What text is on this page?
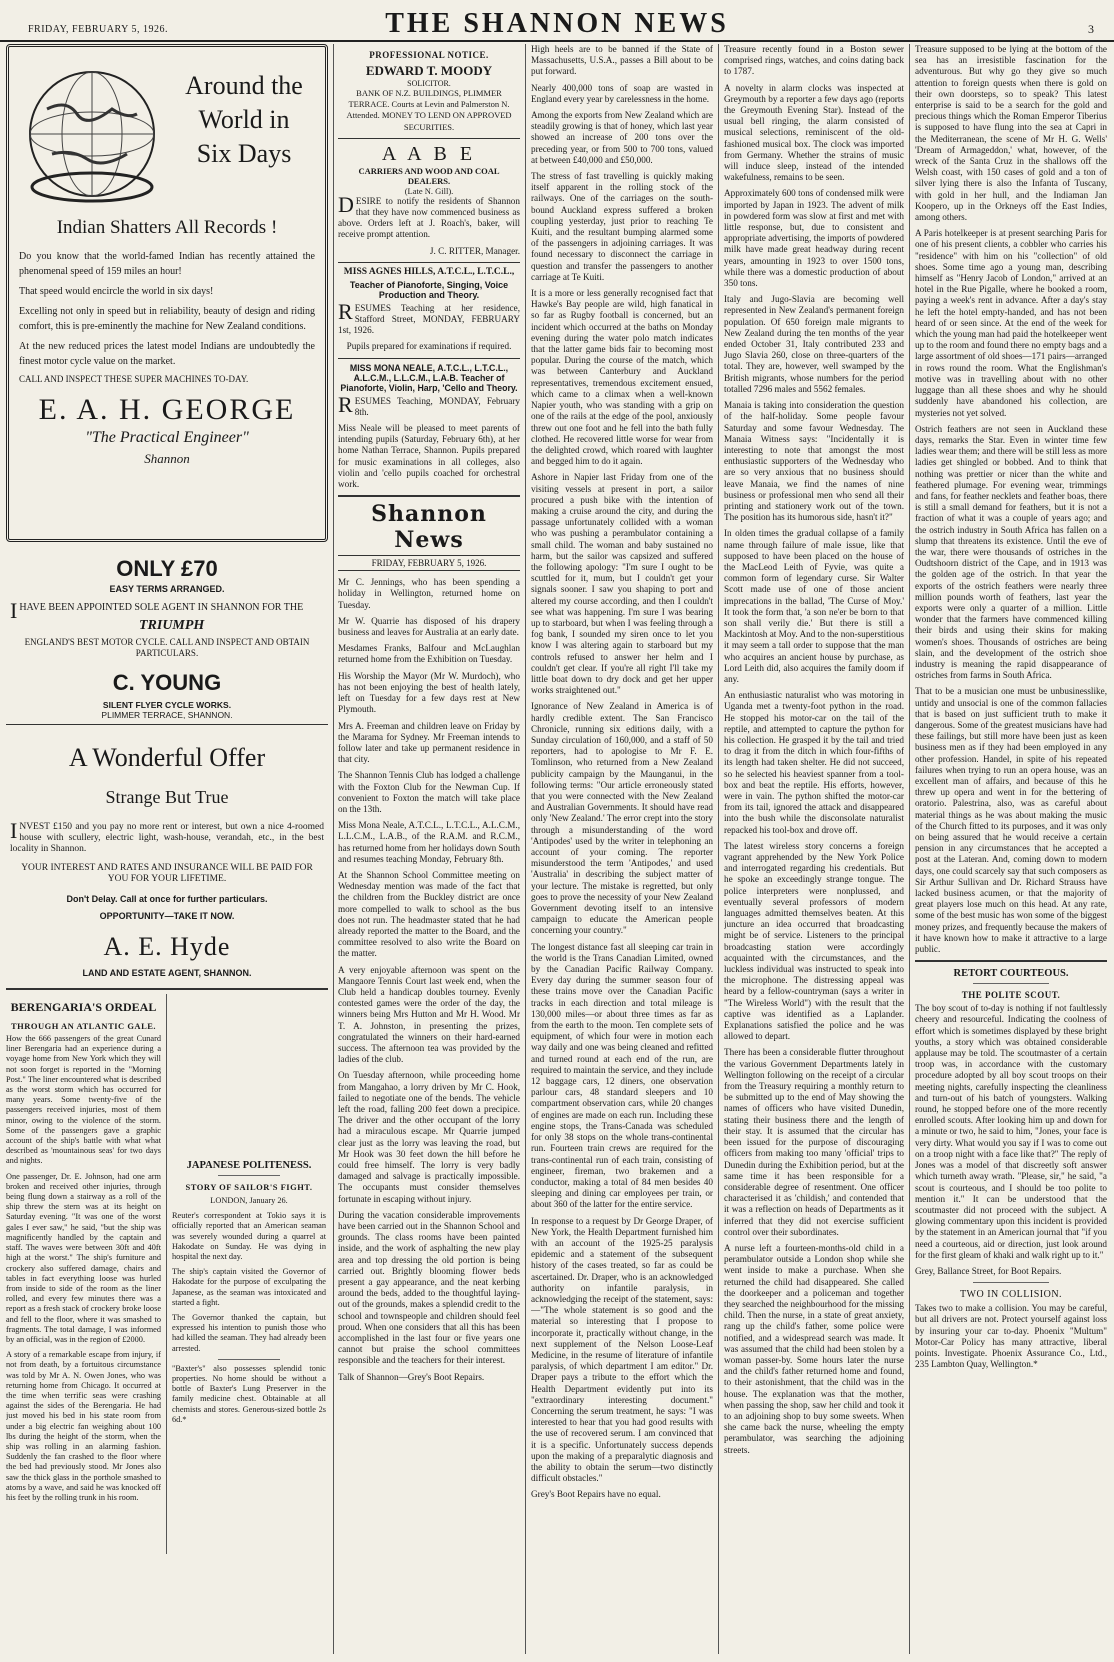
FRIDAY, FEBRUARY 5, 1926.	THE SHANNON NEWS	3
Around the
World in
Six Days
Indian Shatters All Records !

Do you know that the world-famed Indian has recently attained the phenomenal speed of 159 miles an hour!

That speed would encircle the world in six days!

Excelling not only in speed but in reliability, beauty of design and riding comfort, this is pre-eminently the machine for New Zealand conditions.

At the new reduced prices the latest model Indians are undoubtedly the finest motor cycle value on the market.

CALL AND INSPECT THESE SUPER MACHINES TO-DAY.

E. A. H. GEORGE
"The Practical Engineer"
Shannon
ONLY £70
EASY TERMS ARRANGED.

IHAVE BEEN APPOINTED SOLE AGENT IN SHANNON FOR THE

TRIUMPH

ENGLAND'S BEST MOTOR CYCLE. CALL AND INSPECT AND OBTAIN PARTICULARS.

C. YOUNG
SILENT FLYER CYCLE WORKS.
PLIMMER TERRACE, SHANNON.
A Wonderful Offer
Strange But True

INVEST £150 and you pay no more rent or interest, but own a nice 4-roomed house with scullery, electric light, wash-house, verandah, etc., in the best locality in Shannon.

YOUR INTEREST AND RATES AND INSURANCE WILL BE PAID FOR YOU FOR YOUR LIFETIME.

Don't Delay. Call at once for further particulars.

OPPORTUNITY—TAKE IT NOW.

A. E. Hyde
LAND AND ESTATE AGENT, SHANNON.
BERENGARIA'S ORDEAL
THROUGH AN ATLANTIC GALE.

How the 666 passengers of the great Cunard liner Berengaria had an experience during a voyage home from New York which they will not soon forget is reported in the "Morning Post." The liner encountered what is described as the worst storm which has occurred for many years. Some twenty-five of the passengers received injuries, most of them minor, owing to the violence of the storm. Some of the passengers gave a graphic account of the ship's battle with what what described as 'mountainous seas' for two days and nights.

One passenger, Dr. E. Johnson, had one arm broken and received other injuries, through being flung down a stairway as a roll of the ship threw the stern was at its height on Saturday evening. "It was one of the worst gales I ever saw," he said, "but the ship was magnificently handled by the captain and staff. The waves were between 30ft and 40ft high at the worst." The ship's furniture and crockery also suffered damage, chairs and tables in fact everything loose was hurled from inside to side of the room as the liner rolled, and every few minutes there was a report as a fresh stack of crockery broke loose and fell to the floor, where it was smashed to fragments. The total damage, I was informed by an official, was in the region of £2000.

A story of a remarkable escape from injury, if not from death, by a fortuitous circumstance was told by Mr A. N. Owen Jones, who was returning home from Chicago. It occurred at the time when terrific seas were crashing against the sides of the Berengaria. He had just moved his bed in his state room from under a big electric fan weighing about 100 lbs during the height of the storm, when the ship was rolling in an alarming fashion. Suddenly the fan crashed to the floor where the bed had previously stood. Mr Jones also saw the thick glass in the porthole smashed to atoms by a wave, and said he was knocked off his feet by the rolling trunk in his room.

JAPANESE POLITENESS.
STORY OF SAILOR'S FIGHT.

LONDON, January 26.

Reuter's correspondent at Tokio says it is officially reported that an American seaman was severely wounded during a quarrel at Hakodate on Sunday. He was dying in hospital the next day.

The ship's captain visited the Governor of Hakodate for the purpose of exculpating the Japanese, as the seaman was intoxicated and started a fight.

The Governor thanked the captain, but expressed his intention to punish those who had killed the seaman. They had already been arrested.

"Baxter's" also possesses splendid tonic properties. No home should be without a bottle of Baxter's Lung Preserver in the family medicine chest. Obtainable at all chemists and stores. Generous-sized bottle 2s 6d.*

PROFESSIONAL NOTICE.
EDWARD T. MOODY
SOLICITOR.

BANK OF N.Z. BUILDINGS, PLIMMER TERRACE. Courts at Levin and Palmerston N. Attended. MONEY TO LEND ON APPROVED SECURITIES.

A A B E
CARRIERS AND WOOD AND COAL DEALERS.
(Late N. Gill).

DESIRE to notify the residents of Shannon that they have now commenced business as above. Orders left at J. Roach's, baker, will receive prompt attention.

J. C. RITTER, Manager.

MISS AGNES HILLS, A.T.C.L., L.T.C.L.,
Teacher of Pianoforte, Singing, Voice Production and Theory.

RESUMES Teaching at her residence, Stafford Street, MONDAY, FEBRUARY 1st, 1926.

Pupils prepared for examinations if required.

MISS MONA NEALE, A.T.C.L., L.T.C.L., A.L.C.M., L.L.C.M., L.A.B. Teacher of Pianoforte, Violin, Harp, 'Cello and Theory.

RESUMES Teaching, MONDAY, February 8th.

Miss Neale will be pleased to meet parents of intending pupils (Saturday, February 6th), at her home Nathan Terrace, Shannon. Pupils prepared for music examinations in all colleges, also violin and 'cello pupils coached for orchestral work.

Shannon News
FRIDAY, FEBRUARY 5, 1926.

Mr C. Jennings, who has been spending a holiday in Wellington, returned home on Tuesday.

Mr W. Quarrie has disposed of his drapery business and leaves for Australia at an early date.

Mesdames Franks, Balfour and McLaughlan returned home from the Exhibition on Tuesday.

His Worship the Mayor (Mr W. Murdoch), who has not been enjoying the best of health lately, left on Tuesday for a few days rest at New Plymouth.

Mrs A. Freeman and children leave on Friday by the Marama for Sydney. Mr Freeman intends to follow later and take up permanent residence in that city.

The Shannon Tennis Club has lodged a challenge with the Foxton Club for the Newman Cup. If convenient to Foxton the match will take place on the 13th.

Miss Mona Neale, A.T.C.L., L.T.C.L., A.L.C.M., L.L.C.M., L.A.B., of the R.A.M. and R.C.M., has returned home from her holidays down South and resumes teaching Monday, February 8th.

At the Shannon School Committee meeting on Wednesday mention was made of the fact that the children from the Buckley district are once more compelled to walk to school as the bus does not run. The headmaster stated that he had already reported the matter to the Board, and the committee resolved to also write the Board on the matter.

A very enjoyable afternoon was spent on the Mangaore Tennis Court last week end, when the Club held a handicap doubles tourney. Evenly contested games were the order of the day, the winners being Mrs Hutton and Mr H. Wood. Mr T. A. Johnston, in presenting the prizes, congratulated the winners on their hard-earned success. The afternoon tea was provided by the ladies of the club.

On Tuesday afternoon, while proceeding home from Mangahao, a lorry driven by Mr C. Hook, failed to negotiate one of the bends. The vehicle left the road, falling 200 feet down a precipice. The driver and the other occupant of the lorry had a miraculous escape. Mr Quarrie jumped clear just as the lorry was leaving the road, but Mr Hook was 30 feet down the hill before he could free himself. The lorry is very badly damaged and salvage is practically impossible. The occupants must consider themselves fortunate in escaping without injury.

During the vacation considerable improvements have been carried out in the Shannon School and grounds. The class rooms have been painted inside, and the work of asphalting the new play area and top dressing the old portion is being carried out. Brightly blooming flower beds present a gay appearance, and the neat kerbing around the beds, added to the thoughtful laying-out of the grounds, makes a splendid credit to the school and townspeople and children should feel proud. When one considers that all this has been accomplished in the last four or five years one cannot but praise the school committees responsible and the teachers for their interest.

Talk of Shannon—Grey's Boot Repairs.

High heels are to be banned if the State of Massachusetts, U.S.A., passes a Bill about to be put forward.

Nearly 400,000 tons of soap are wasted in England every year by carelessness in the home.

Among the exports from New Zealand which are steadily growing is that of honey, which last year showed an increase of 200 tons over the preceding year, or from 500 to 700 tons, valued at between £40,000 and £50,000.

The stress of fast travelling is quickly making itself apparent in the rolling stock of the railways. One of the carriages on the south-bound Auckland express suffered a broken coupling yesterday, just prior to reaching Te Kuiti, and the resultant bumping alarmed some of the passengers in adjoining carriages. It was found necessary to disconnect the carriage in question and transfer the passengers to another carriage at Te Kuiti.

It is a more or less generally recognised fact that Hawke's Bay people are wild, high fanatical in so far as Rugby football is concerned, but an incident which occurred at the baths on Monday evening during the water polo match indicates that the latter game bids fair to becoming most popular. During the course of the match, which was between Canterbury and Auckland representatives, tremendous excitement ensued, which came to a climax when a well-known Napier youth, who was standing with a grip on one of the rails at the edge of the pool, anxiously threw out one foot and he fell into the bath fully clothed. He recovered little worse for wear from the delighted crowd, which roared with laughter and begged him to do it again.

Ashore in Napier last Friday from one of the visiting vessels at present in port, a sailor procured a push bike with the intention of making a cruise around the city, and during the passage unfortunately collided with a woman who was pushing a perambulator containing a small child. The woman and baby sustained no harm, but the sailor was capsized and suffered the following apology: "I'm sure I ought to be scuttled for it, mum, but I couldn't get your signals sooner. I saw you shaping to port and altered my course according, and then I couldn't see what was happening. I'm sure I was bearing up to starboard, but when I was feeling through a fog bank, I sounded my siren once to let you know I was altering again to starboard but my controls refused to answer her helm and I couldn't get clear. If you're all right I'll take my little boat down to dry dock and get her upper works straightened out."

Ignorance of New Zealand in America is of hardly credible extent. The San Francisco Chronicle, running six editions daily, with a Sunday circulation of 160,000, and a staff of 50 reporters, had to apologise to Mr F. E. Tomlinson, who returned from a New Zealand publicity campaign by the Maunganui, in the following terms: "Our article erroneously stated that you were connected with the New Zealand and Australian Governments. It should have read only 'New Zealand.' The error crept into the story through a misunderstanding of the word 'Antipodes' used by the writer in telephoning an account of your coming. The reporter misunderstood the term 'Antipodes,' and used 'Australia' in describing the subject matter of your lecture. The mistake is regretted, but only goes to prove the necessity of your New Zealand Government devoting itself to an intensive campaign to educate the American people concerning your country."

The longest distance fast all sleeping car train in the world is the Trans Canadian Limited, owned by the Canadian Pacific Railway Company. Every day during the summer season four of these trains move over the Canadian Pacific tracks in each direction and total mileage is 130,000 miles—or about three times as far as from the earth to the moon. Ten complete sets of equipment, of which four were in motion each way daily and one was being cleaned and refitted and turned round at each end of the run, are required to maintain the service, and they include 12 baggage cars, 12 diners, one observation parlour cars, 48 standard sleepers and 10 compartment observation cars, while 20 changes of engines are made on each run. Including these engine stops, the Trans-Canada was scheduled for only 38 stops on the whole trans-continental run. Fourteen train crews are required for the trans-continental run of each train, consisting of engineer, fireman, two brakemen and a conductor, making a total of 84 men besides 40 sleeping and dining car employees per train, or about 360 of the latter for the entire service.

In response to a request by Dr George Draper, of New York, the Health Department furnished him with an account of the 1925-25 paralysis epidemic and a statement of the subsequent history of the cases treated, so far as could be ascertained. Dr. Draper, who is an acknowledged authority on infantile paralysis, in acknowledging the receipt of the statement, says:—"The whole statement is so good and the material so interesting that I propose to incorporate it, practically without change, in the next supplement of the Nelson Loose-Leaf Medicine, in the resume of literature of infantile paralysis, of which department I am editor." Dr. Draper pays a tribute to the effort which the Health Department evidently put into its "extraordinary interesting document." Concerning the serum treatment, he says: "I was interested to hear that you had good results with the use of recovered serum. I am convinced that it is a specific. Unfortunately success depends upon the making of a preparalytic diagnosis and the ability to obtain the serum—two distinctly difficult obstacles."

Grey's Boot Repairs have no equal.

Treasure recently found in a Boston sewer comprised rings, watches, and coins dating back to 1787.

A novelty in alarm clocks was inspected at Greymouth by a reporter a few days ago (reports the Greymouth Evening Star). Instead of the usual bell ringing, the alarm consisted of musical selections, reminiscent of the old-fashioned musical box. The clock was imported from Germany. Whether the strains of music will induce sleep, instead of the intended wakefulness, remains to be seen.

Approximately 600 tons of condensed milk were imported by Japan in 1923. The advent of milk in powdered form was slow at first and met with little response, but, due to consistent and appropriate advertising, the imports of powdered milk have made great headway during recent years, amounting in 1923 to over 1500 tons, while there was a domestic production of about 350 tons.

Italy and Jugo-Slavia are becoming well represented in New Zealand's permanent foreign population. Of 650 foreign male migrants to New Zealand during the ten months of the year ended October 31, Italy contributed 233 and Jugo Slavia 260, close on three-quarters of the total. They are, however, well swamped by the British migrants, whose numbers for the period totalled 7296 males and 5562 females.

Manaia is taking into consideration the question of the half-holiday. Some people favour Saturday and some favour Wednesday. The Manaia Witness says: "Incidentally it is interesting to note that amongst the most enthusiastic supporters of the Wednesday who are so very anxious that no business should leave Manaia, we find the names of nine business or professional men who send all their printing and stationery work out of the town. The position has its humorous side, hasn't it?"

In olden times the gradual collapse of a family name through failure of male issue, like that supposed to have been placed on the house of the MacLeod Leith of Fyvie, was quite a common form of legendary curse. Sir Walter Scott made use of one of those ancient imprecations in the ballad, 'The Curse of Moy.' It took the form that, 'a son ne'er be born to that son shall verily die.' But there is still a Mackintosh at Moy. And to the non-superstitious it may seem a tall order to suppose that the man who acquires an ancient house by purchase, as Lord Leith did, also acquires the family doom if any.

An enthusiastic naturalist who was motoring in Uganda met a twenty-foot python in the road. He stopped his motor-car on the tail of the reptile, and attempted to capture the python for his collection. He grasped it by the tail and tried to drag it from the ditch in which four-fifths of its length had taken shelter. He did not succeed, so he selected his heaviest spanner from a tool-box and beat the reptile. His efforts, however, were in vain. The python shifted the motor-car from its tail, ignored the attack and disappeared into the bush while the disconsolate naturalist repacked his tool-box and drove off.

The latest wireless story concerns a foreign vagrant apprehended by the New York Police and interrogated regarding his credentials. But he spoke an exceedingly strange tongue. The police interpreters were nonplussed, and eventually several professors of modern languages admitted themselves beaten. At this juncture an idea occurred that broadcasting might be of service. Listeners to the principal broadcasting station were accordingly acquainted with the circumstances, and the luckless individual was instructed to speak into the microphone. The distressing appeal was heard by a fellow-countryman (says a writer in "The Wireless World") with the result that the captive was identified as a Laplander. Explanations satisfied the police and he was allowed to depart.

There has been a considerable flutter throughout the various Government Departments lately in Wellington following on the receipt of a circular from the Treasury requiring a monthly return to be submitted up to the end of May showing the names of officers who have visited Dunedin, stating their business there and the length of their stay. It is assumed that the circular has been issued for the purpose of discouraging officers from making too many 'official' trips to Dunedin during the Exhibition period, but at the same time it has been responsible for a considerable degree of resentment. One officer characterised it as 'childish,' and contended that it was a reflection on heads of Departments as it inferred that they did not exercise sufficient control over their subordinates.

A nurse left a fourteen-months-old child in a perambulator outside a London shop while she went inside to make a purchase. When she returned the child had disappeared. She called the doorkeeper and a policeman and together they searched the neighbourhood for the missing child. Then the nurse, in a state of great anxiety, rang up the child's father, some police were notified, and a widespread search was made. It was assumed that the child had been stolen by a woman passer-by. Some hours later the nurse and the child's father returned home and found, to their astonishment, that the child was in the house. The explanation was that the mother, when passing the shop, saw her child and took it to an adjoining shop to buy some sweets. When she came back the nurse, wheeling the empty perambulator, was searching the adjoining streets.

Treasure supposed to be lying at the bottom of the sea has an irresistible fascination for the adventurous. But why go they give so much attention to foreign quests when there is gold on their own doorsteps, so to speak? This latest enterprise is said to be a search for the gold and precious things which the Roman Emperor Tiberius is supposed to have flung into the sea at Capri in the Mediterranean, the scene of Mr H. G. Wells' 'Dream of Armageddon,' what, however, of the wreck of the Santa Cruz in the shallows off the Welsh coast, with 150 cases of gold and a ton of silver lying there is also the Infanta of Tuscany, with gold in her hull, and the Indiaman Jan Koopero, up in the Orkneys off the East Indies, among others.

A Paris hotelkeeper is at present searching Paris for one of his present clients, a cobbler who carries his "residence" with him on his "collection" of old shoes. Some time ago a young man, describing himself as "Henry Jacob of London," arrived at an hotel in the Rue Pigalle, where he booked a room, paying a week's rent in advance. After a day's stay he left the hotel empty-handed, and has not been heard of or seen since. At the end of the week for which the young man had paid the hotelkeeper went up to the room and found there no empty bags and a large assortment of old shoes—171 pairs—arranged in rows round the room. What the Englishman's motive was in travelling about with no other luggage than all these shoes and why he should suddenly have abandoned his collection, are mysteries not yet solved.

Ostrich feathers are not seen in Auckland these days, remarks the Star. Even in winter time few ladies wear them; and there will be still less as more ladies get shingled or bobbed. And to think that nothing was prettier or nicer than the white and feathered plumage. For evening wear, trimmings and fans, for feather necklets and feather boas, there is still a small demand for feathers, but it is not a fraction of what it was a couple of years ago; and the ostrich industry in South Africa has fallen on a slump that threatens its existence. Until the eve of the war, there were thousands of ostriches in the Oudtshoorn district of the Cape, and in 1913 was the golden age of the ostrich. In that year the exports of the ostrich feathers were nearly three million pounds worth of feathers, last year the exports were only a quarter of a million. Little wonder that the farmers have commenced killing their birds and using their skins for making women's shoes. Thousands of ostriches are being slain, and the development of the ostrich shoe industry is meaning the rapid disappearance of ostriches from farms in South Africa.

That to be a musician one must be unbusinesslike, untidy and unsocial is one of the common fallacies that is based on just sufficient truth to make it dangerous. Some of the greatest musicians have had these failings, but still more have been just as keen business men as if they had been employed in any other profession. Handel, in spite of his repeated failures when trying to run an opera house, was an excellent man of affairs, and because of this he threw up opera and went in for the bettering of oratorio. Palestrina, also, was as careful about material things as he was about making the music of the Church fitted to its purposes, and it was only on being assured that he would receive a certain pension in any circumstances that he accepted a post at the Lateran. And, coming down to modern days, one could scarcely say that such composers as Sir Arthur Sullivan and Dr. Richard Strauss have lacked business acumen, or that the majority of great players lose much on this head. At any rate, some of the best music has won some of the biggest money prizes, and frequently because the makers of it have known how to make it attractive to a large public.

RETORT COURTEOUS.
THE POLITE SCOUT.

The boy scout of to-day is nothing if not faultlessly cheery and resourceful. Indicating the coolness of effort which is sometimes displayed by these bright youths, a story which was obtained considerable applause may be told. The scoutmaster of a certain troop was, in accordance with the customary procedure adopted by all boy scout troops on their meeting nights, carefully inspecting the cleanliness and turn-out of his batch of youngsters. Walking round, he stopped before one of the more recently enrolled scouts. After looking him up and down for a minute or two, he said to him, "Jones, your face is very dirty. What would you say if I was to come out on a troop night with a face like that?" The reply of Jones was a model of that discreetly soft answer which turneth away wrath. "Please, sir," he said, "a scout is courteous, and I should be too polite to mention it." It can be understood that the scoutmaster did not proceed with the subject. A glowing commentary upon this incident is provided by the statement in an American journal that "if you need a courteous, aid or direction, just look around for the first gleam of khaki and walk right up to it."

Grey, Ballance Street, for Boot Repairs.

TWO IN COLLISION.

Takes two to make a collision. You may be careful, but all drivers are not. Protect yourself against loss by insuring your car to-day. Phoenix "Multum" Motor-Car Policy has many attractive, liberal points. Investigate. Phoenix Assurance Co., Ltd., 235 Lambton Quay, Wellington.*
